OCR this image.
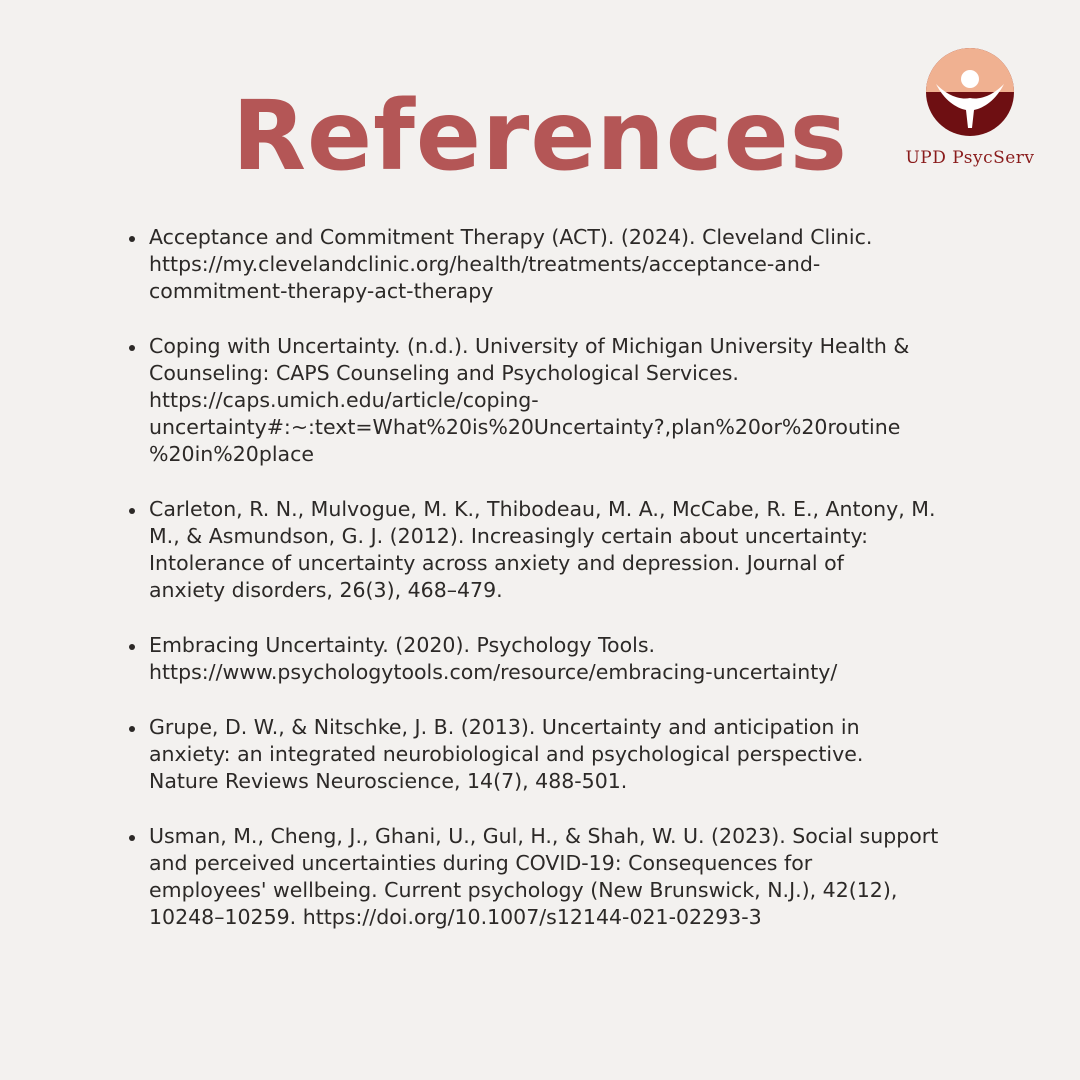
References	UPD PsycServ
Acceptance and Commitment Therapy (ACT). (2024). Cleveland Clinic.
https://my.clevelandclinic.org/health/treatments/acceptance-and-
commitment-therapy-act-therapy
Coping with Uncertainty. (n.d.). University of Michigan University Health &
Counseling: CAPS Counseling and Psychological Services.
https://caps.umich.edu/article/coping-
uncertainty#:~:text=What%20is%20Uncertainty?,plan%20or%20routine
%20in%20place
Carleton, R. N., Mulvogue, M. K., Thibodeau, M. A., McCabe, R. E., Antony, M.
M., & Asmundson, G. J. (2012). Increasingly certain about uncertainty:
Intolerance of uncertainty across anxiety and depression. Journal of
anxiety disorders, 26(3), 468–479.
Embracing Uncertainty. (2020). Psychology Tools.
https://www.psychologytools.com/resource/embracing-uncertainty/
Grupe, D. W., & Nitschke, J. B. (2013). Uncertainty and anticipation in
anxiety: an integrated neurobiological and psychological perspective.
Nature Reviews Neuroscience, 14(7), 488-501.
Usman, M., Cheng, J., Ghani, U., Gul, H., & Shah, W. U. (2023). Social support
and perceived uncertainties during COVID-19: Consequences for
employees' wellbeing. Current psychology (New Brunswick, N.J.), 42(12),
10248–10259. https://doi.org/10.1007/s12144-021-02293-3
